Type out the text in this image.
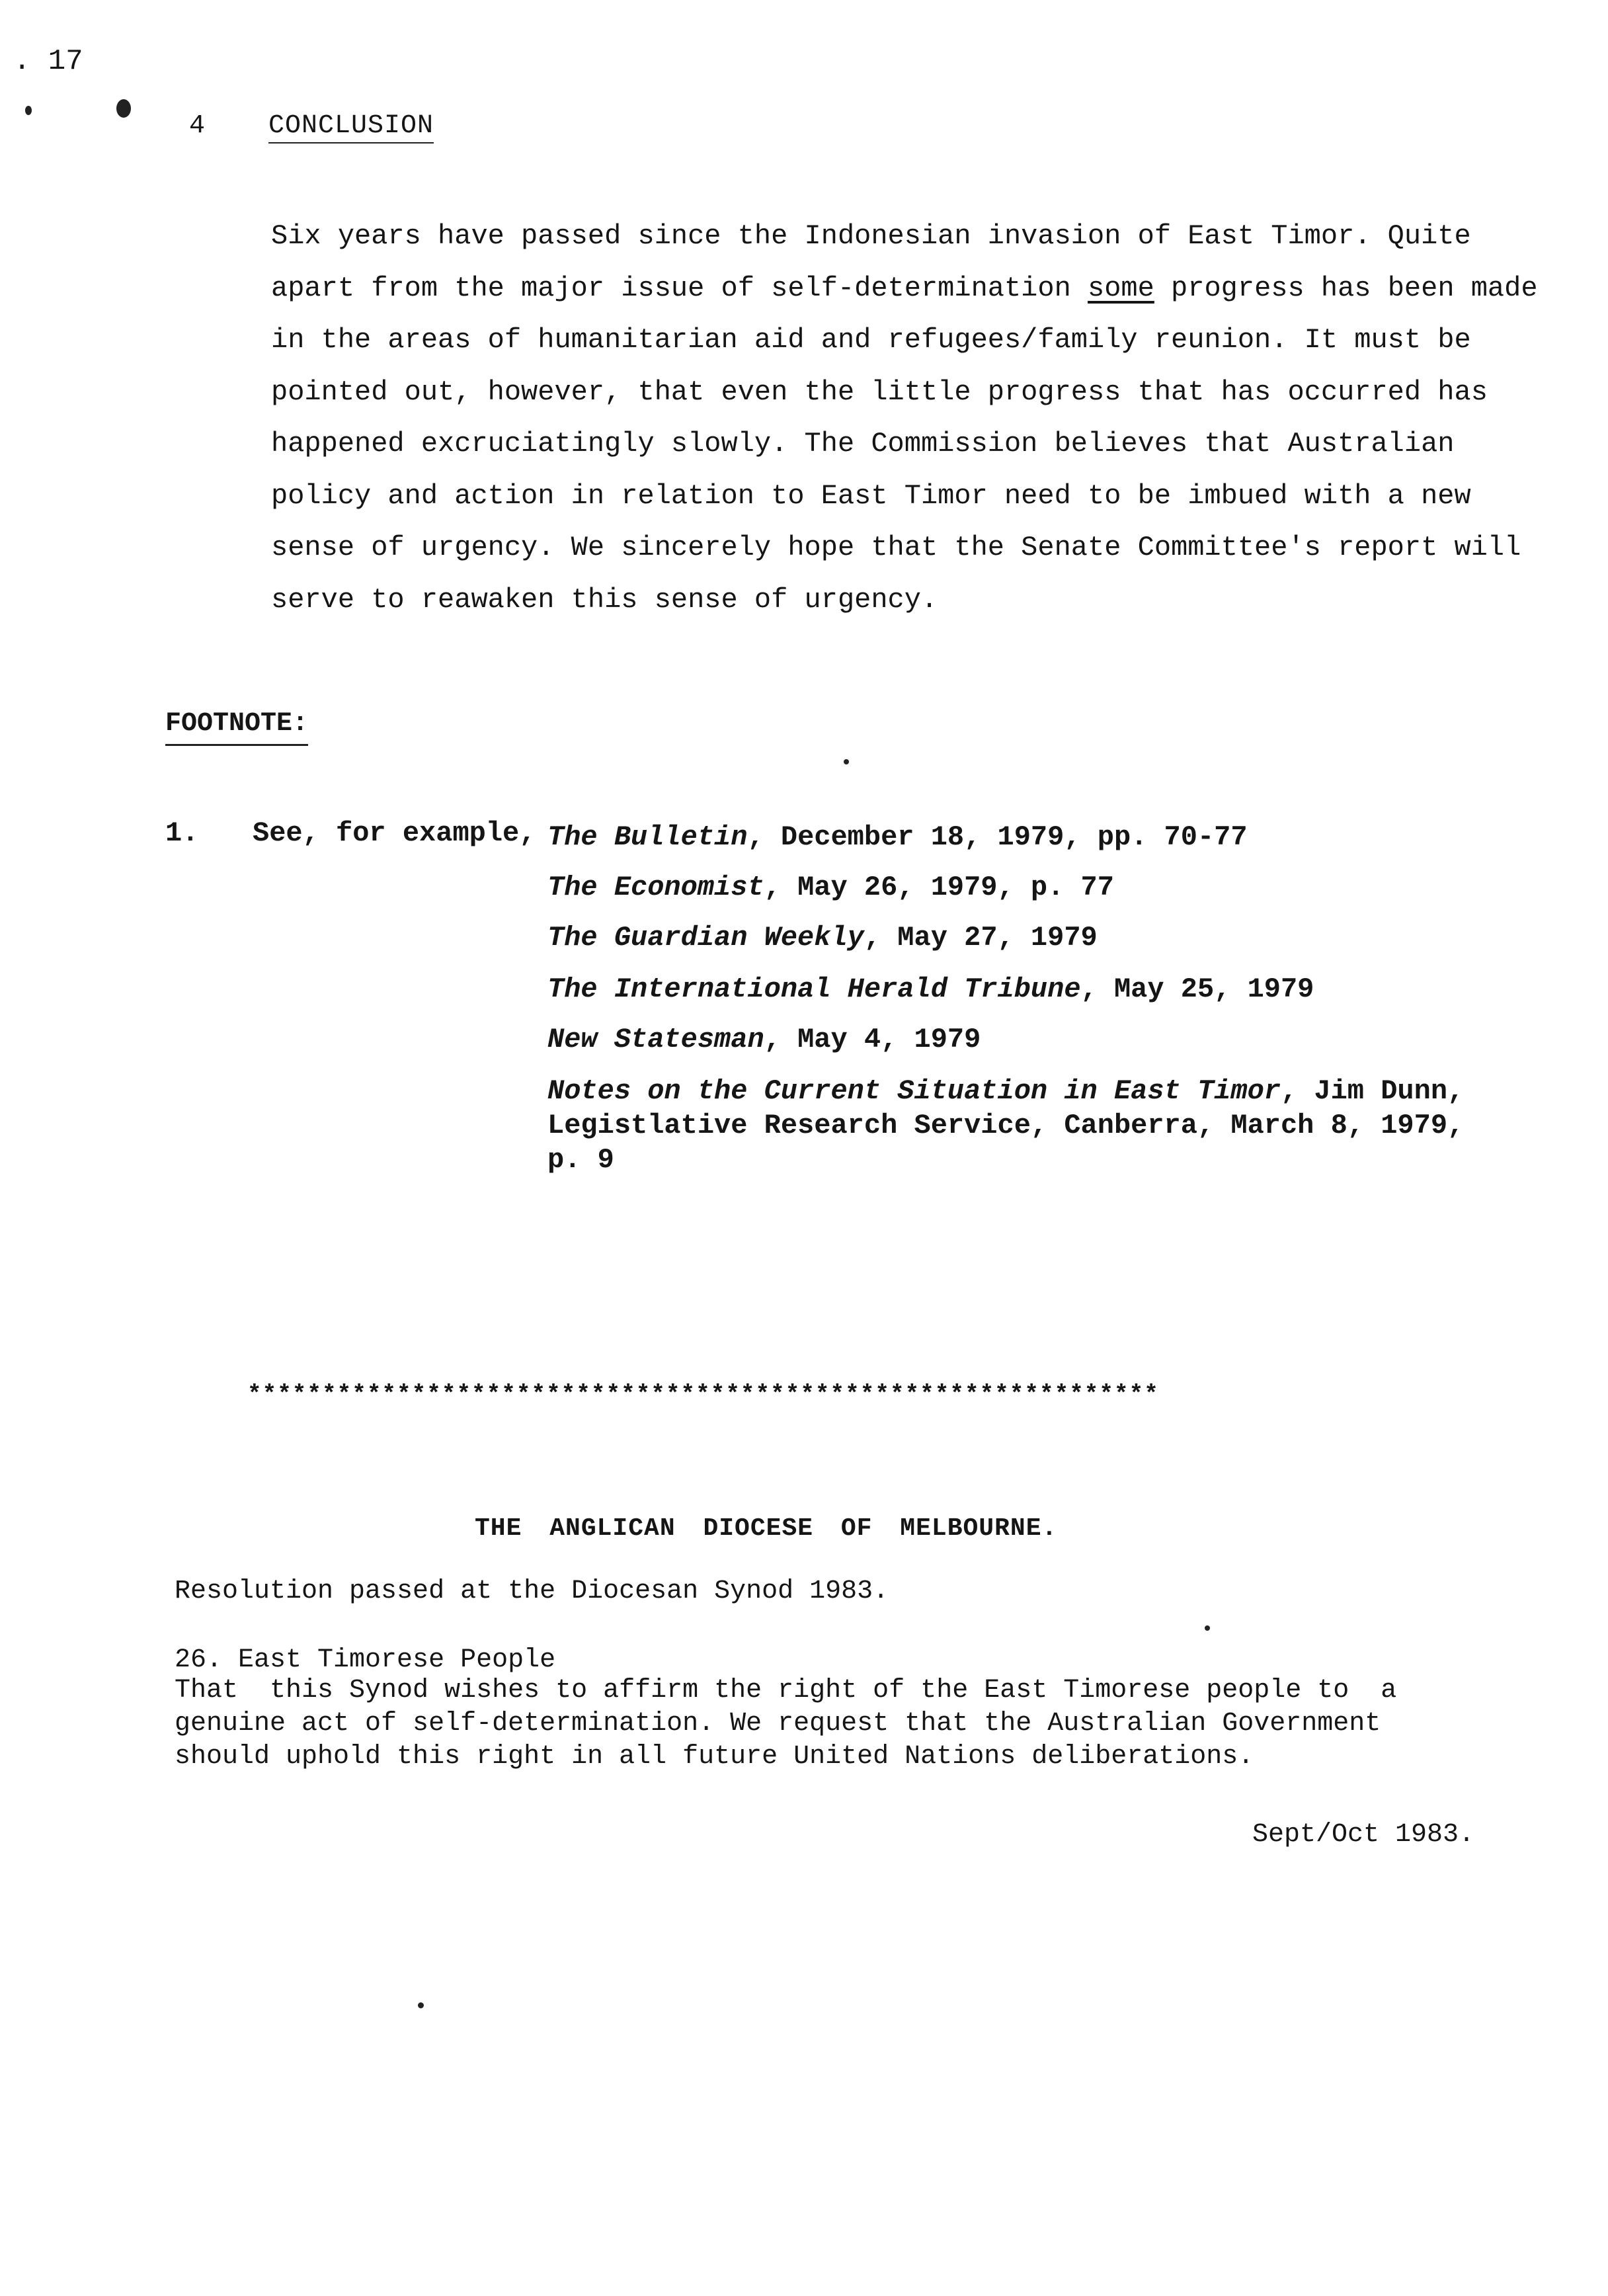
. 17
4 CONCLUSION
Six years have passed since the Indonesian invasion of East Timor. Quite
apart from the major issue of self-determination some progress has been made
in the areas of humanitarian aid and refugees/family reunion. It must be
pointed out, however, that even the little progress that has occurred has
happened excruciatingly slowly. The Commission believes that Australian
policy and action in relation to East Timor need to be imbued with a new
sense of urgency. We sincerely hope that the Senate Committee's report will
serve to reawaken this sense of urgency.
FOOTNOTE:
1. See, for example, The Bulletin, December 18, 1979, pp. 70-77
The Economist, May 26, 1979, p. 77
The Guardian Weekly, May 27, 1979
The International Herald Tribune, May 25, 1979
New Statesman, May 4, 1979
Notes on the Current Situation in East Timor, Jim Dunn, Legistlative Research Service, Canberra, March 8, 1979, p. 9
*************************************************************
THE ANGLICAN DIOCESE OF MELBOURNE.
Resolution passed at the Diocesan Synod 1983.
26. East Timorese People
That  this Synod wishes to affirm the right of the East Timorese people to  a
genuine act of self-determination. We request that the Australian Government
should uphold this right in all future United Nations deliberations.
Sept/Oct 1983.
